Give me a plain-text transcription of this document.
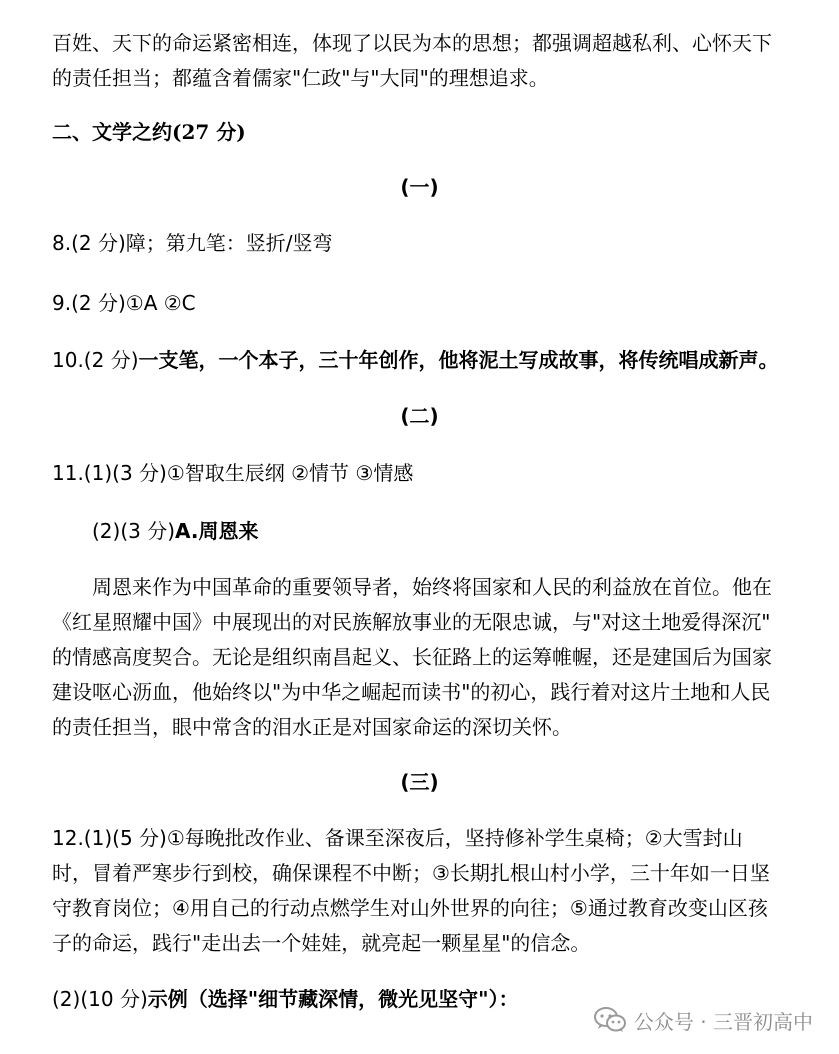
百姓、天下的命运紧密相连，体现了以民为本的思想；都强调超越私利、心怀天下
的责任担当；都蕴含着儒家"仁政"与"大同"的理想追求。
二、文学之约(27 分)
(一)
8.(2 分)障；第九笔：竖折/竖弯
9.(2 分)①A ②C
10.(2 分)一支笔，一个本子，三十年创作，他将泥土写成故事，将传统唱成新声。
(二)
11.(1)(3 分)①智取生辰纲 ②情节 ③情感
(2)(3 分)A.周恩来
周恩来作为中国革命的重要领导者，始终将国家和人民的利益放在首位。他在
《红星照耀中国》中展现出的对民族解放事业的无限忠诚，与"对这土地爱得深沉"
的情感高度契合。无论是组织南昌起义、长征路上的运筹帷幄，还是建国后为国家
建设呕心沥血，他始终以"为中华之崛起而读书"的初心，践行着对这片土地和人民
的责任担当，眼中常含的泪水正是对国家命运的深切关怀。
(三)
12.(1)(5 分)①每晚批改作业、备课至深夜后，坚持修补学生桌椅；②大雪封山
时，冒着严寒步行到校，确保课程不中断；③长期扎根山村小学，三十年如一日坚
守教育岗位；④用自己的行动点燃学生对山外世界的向往；⑤通过教育改变山区孩
子的命运，践行"走出去一个娃娃，就亮起一颗星星"的信念。
(2)(10 分)示例（选择"细节藏深情，微光见坚守"）：
公众号 · 三晋初高中
